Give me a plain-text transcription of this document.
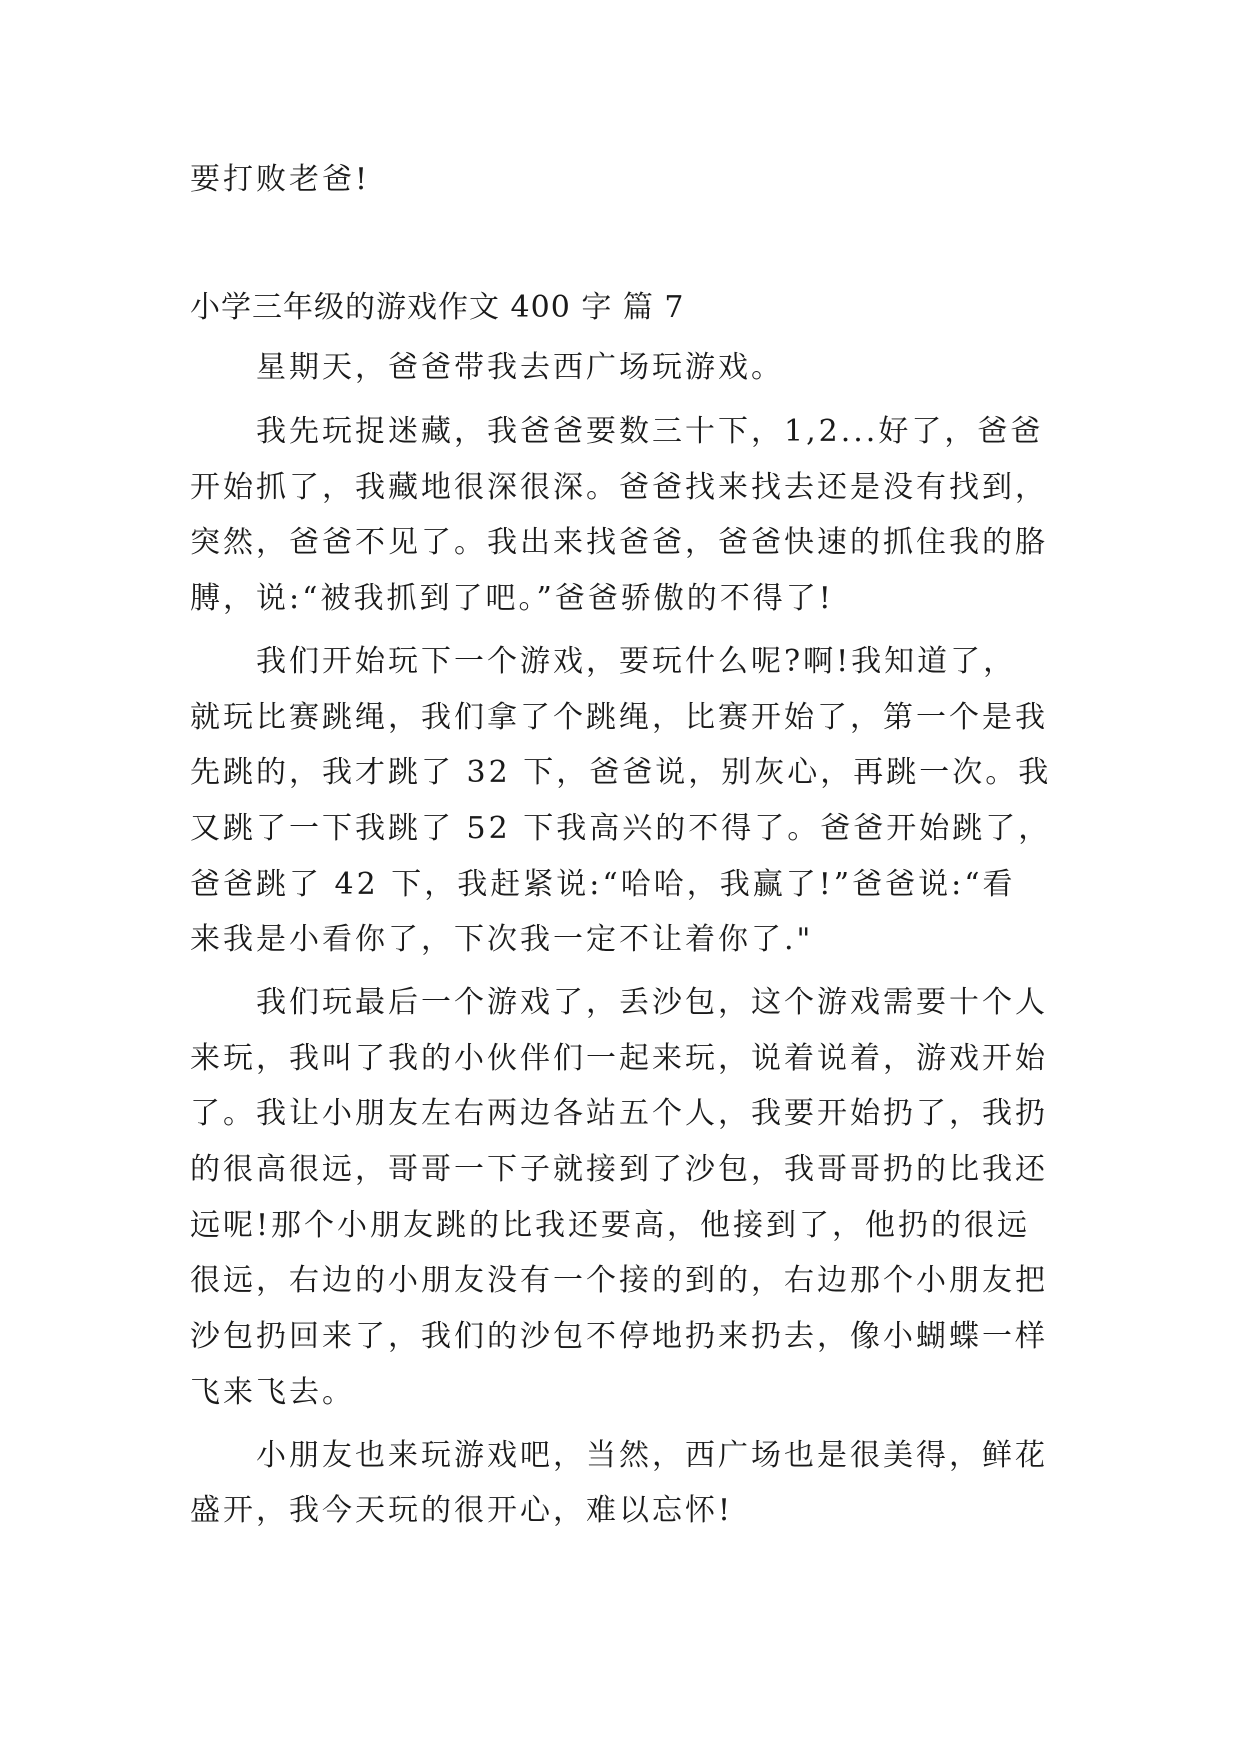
要打败老爸!
小学三年级的游戏作文 400 字 篇 7
星期天，爸爸带我去西广场玩游戏。
我先玩捉迷藏，我爸爸要数三十下，1,2...好了，爸爸
开始抓了，我藏地很深很深。爸爸找来找去还是没有找到，
突然，爸爸不见了。我出来找爸爸，爸爸快速的抓住我的胳
膊，说:“被我抓到了吧。”爸爸骄傲的不得了!
我们开始玩下一个游戏，要玩什么呢?啊!我知道了，
就玩比赛跳绳，我们拿了个跳绳，比赛开始了，第一个是我
先跳的，我才跳了 32 下，爸爸说，别灰心，再跳一次。我
又跳了一下我跳了 52 下我高兴的不得了。爸爸开始跳了，
爸爸跳了 42 下，我赶紧说:“哈哈，我赢了!”爸爸说:“看
来我是小看你了，下次我一定不让着你了."
我们玩最后一个游戏了，丢沙包，这个游戏需要十个人
来玩，我叫了我的小伙伴们一起来玩，说着说着，游戏开始
了。我让小朋友左右两边各站五个人，我要开始扔了，我扔
的很高很远，哥哥一下子就接到了沙包，我哥哥扔的比我还
远呢!那个小朋友跳的比我还要高，他接到了，他扔的很远
很远，右边的小朋友没有一个接的到的，右边那个小朋友把
沙包扔回来了，我们的沙包不停地扔来扔去，像小蝴蝶一样
飞来飞去。
小朋友也来玩游戏吧，当然，西广场也是很美得，鲜花
盛开，我今天玩的很开心，难以忘怀!
